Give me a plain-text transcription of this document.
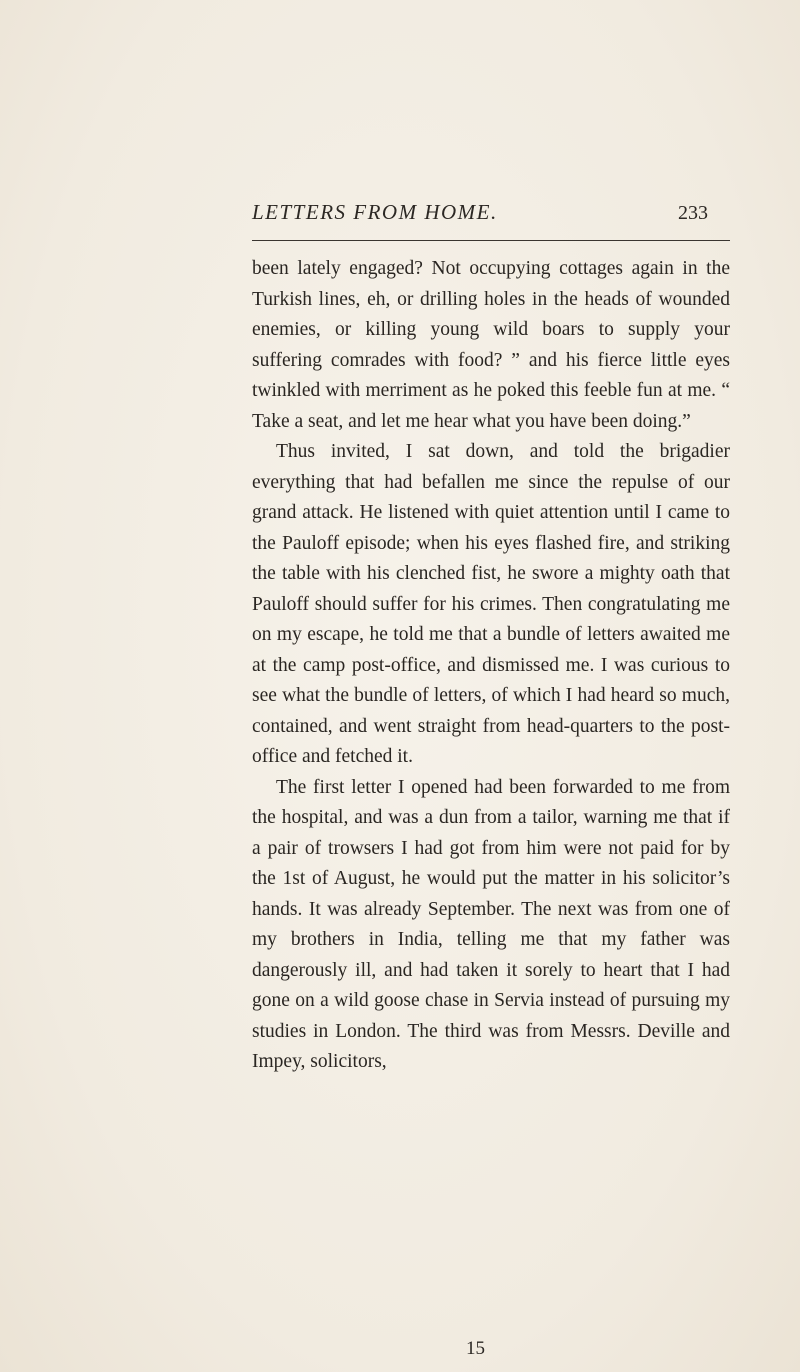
LETTERS FROM HOME.	233

been lately engaged? Not occupying cottages again in the Turkish lines, eh, or drilling holes in the heads of wounded enemies, or killing young wild boars to supply your suffering comrades with food? ” and his fierce little eyes twinkled with merriment as he poked this feeble fun at me. “ Take a seat, and let me hear what you have been doing.”

Thus invited, I sat down, and told the brigadier everything that had befallen me since the repulse of our grand attack. He listened with quiet attention until I came to the Pauloff episode; when his eyes flashed fire, and striking the table with his clenched fist, he swore a mighty oath that Pauloff should suffer for his crimes. Then congratulating me on my escape, he told me that a bundle of letters awaited me at the camp post-office, and dismissed me. I was curious to see what the bundle of letters, of which I had heard so much, contained, and went straight from head-quarters to the post-office and fetched it.

The first letter I opened had been forwarded to me from the hospital, and was a dun from a tailor, warning me that if a pair of trowsers I had got from him were not paid for by the 1st of August, he would put the matter in his solicitor’s hands. It was already September. The next was from one of my brothers in India, telling me that my father was dangerously ill, and had taken it sorely to heart that I had gone on a wild goose chase in Servia instead of pursuing my studies in London. The third was from Messrs. Deville and Impey, solicitors,

15
